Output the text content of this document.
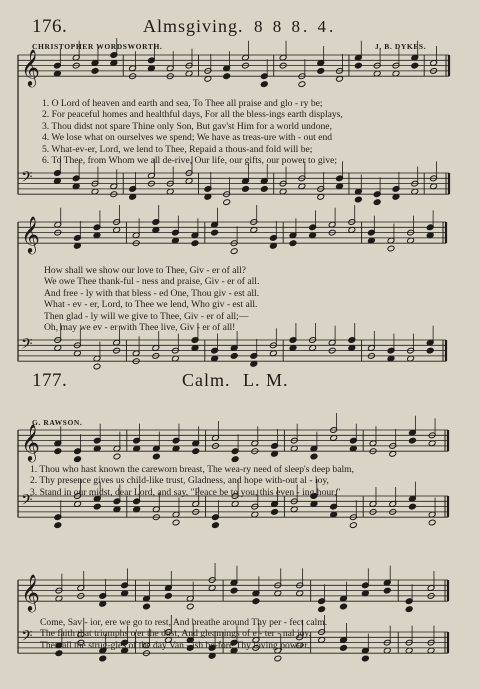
𝄞
𝄢
𝄞
𝄢
𝄞
𝄢
𝄞
𝄢
176.	Almsgiving. 8 8 8. 4.
CHRISTOPHER WORDSWORTH.	J. B. DYKES.
1. O Lord of heaven and earth and sea, To Thee all praise and glo - ry be;
2. For peaceful homes and healthful days, For all the bless-ings earth displays,
3. Thou didst not spare Thine only Son, But gav'st Him for a world undone,
4. We lose what on ourselves we spend; We have as treas-ure with - out end
5. What-ev-er, Lord, we lend to Thee, Repaid a thous-and fold will be;
6. To Thee, from Whom we all de-rive, Our life, our gifts, our power to give;
How shall we show our love to Thee, Giv - er of all?
We owe Thee thank-ful - ness and praise, Giv - er of all.
And free - ly with that bless - ed One, Thou giv - est all.
What - ev - er, Lord, to Thee we lend, Who giv - est all.
Then glad - ly will we give to Thee, Giv - er of all;—
Oh, may we ev - er with Thee live, Giv - er of all!
177.	Calm. L. M.
G. RAWSON.
1. Thou who hast known the careworn breast, The wea-ry need of sleep's deep balm,
2. Thy presence gives us child-like trust, Gladness, and hope with-out al - loy,
3. Stand in our midst, dear Lord, and say, "Peace be to you, this even - ing hour,"
Come, Sav - ior, ere we go to rest, And breathe around Thy per - fect calm.
The faith that triumphs o'er the dust, And gleamings of e - ter - nal joy.
Then all the strug-gles of the day Van - ish be-fore Thy loving pow-er.
